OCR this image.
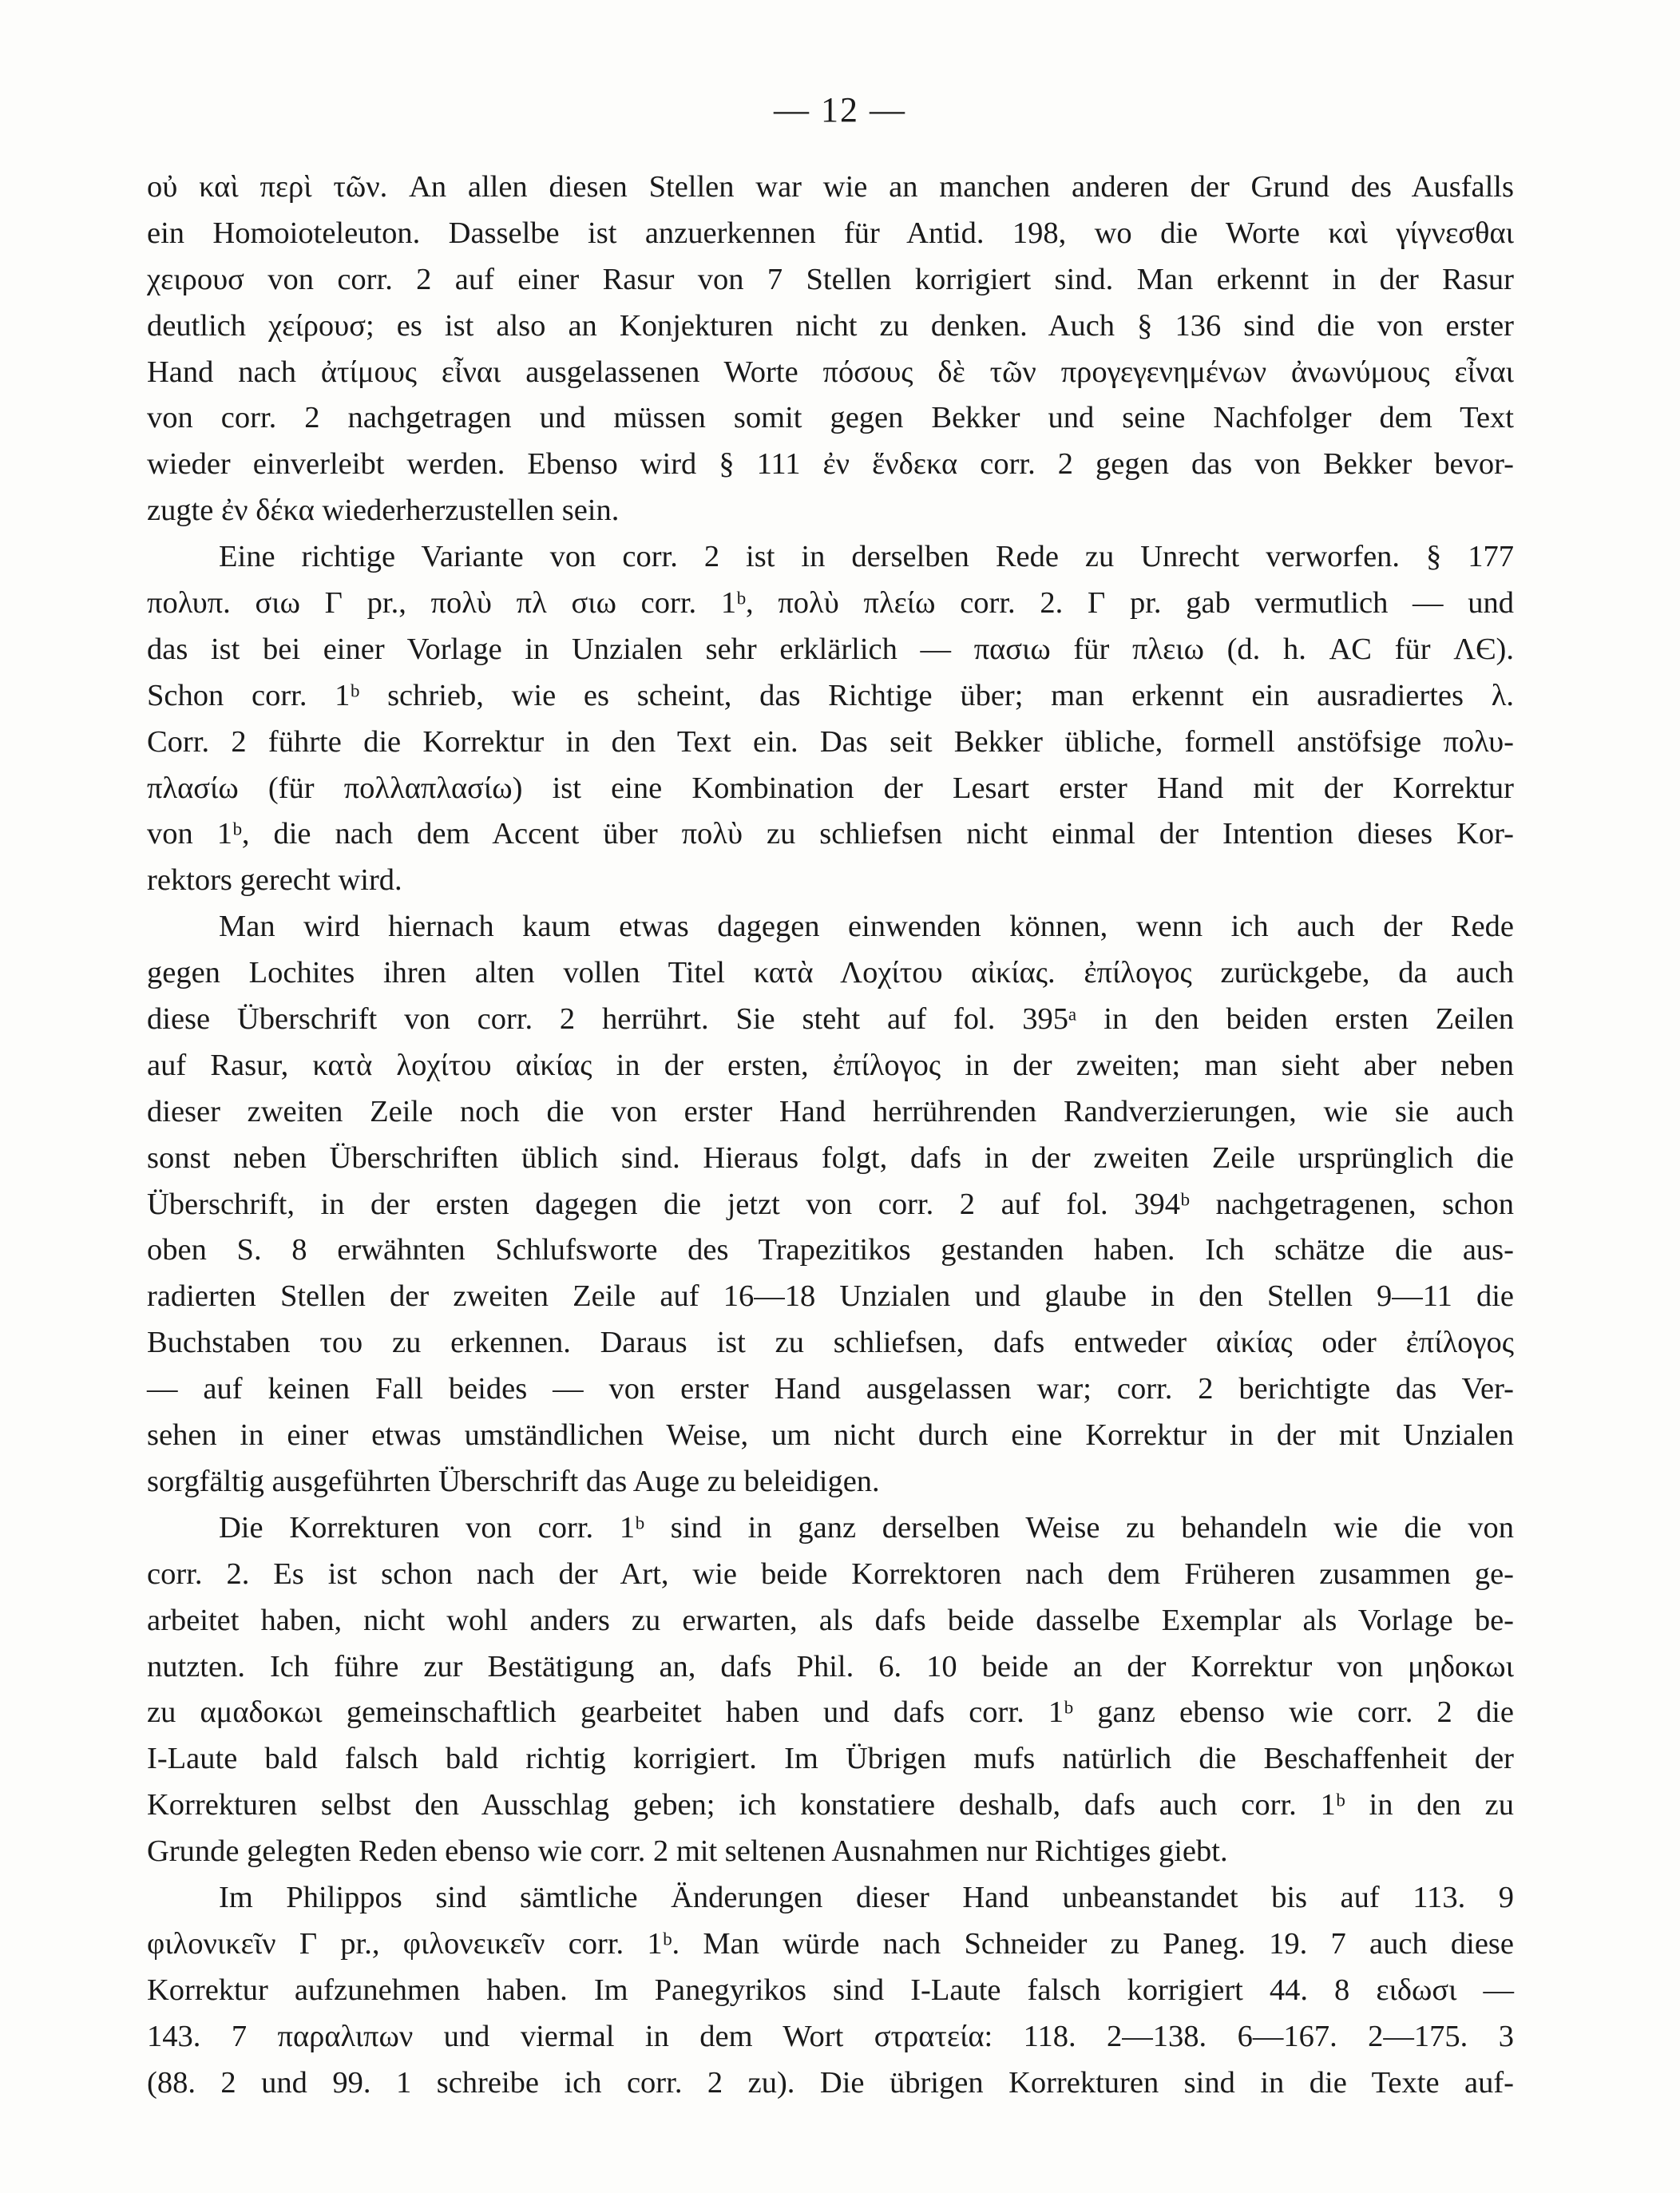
— 12 —
οὐ καὶ περὶ τῶν. An allen diesen Stellen war wie an manchen anderen der Grund des Ausfalls
ein Homoioteleuton. Dasselbe ist anzuerkennen für Antid. 198, wo die Worte καὶ γίγνεσθαι
χειρουσ von corr. 2 auf einer Rasur von 7 Stellen korrigiert sind. Man erkennt in der Rasur
deutlich χείρουσ; es ist also an Konjekturen nicht zu denken. Auch § 136 sind die von erster
Hand nach ἀτίμους εἶναι ausgelassenen Worte πόσους δὲ τῶν προγεγενημένων ἀνωνύμους εἶναι
von corr. 2 nachgetragen und müssen somit gegen Bekker und seine Nachfolger dem Text
wieder einverleibt werden. Ebenso wird § 111 ἐν ἕνδεκα corr. 2 gegen das von Bekker bevor-
zugte ἐν δέκα wiederherzustellen sein.
Eine richtige Variante von corr. 2 ist in derselben Rede zu Unrecht verworfen. § 177
πολυπ. σιω Γ pr., πολὺ πλ σιω corr. 1ᵇ, πολὺ πλείω corr. 2. Γ pr. gab vermutlich — und
das ist bei einer Vorlage in Unzialen sehr erklärlich — πασιω für πλειω (d. h. ΑC für ΛЄ).
Schon corr. 1ᵇ schrieb, wie es scheint, das Richtige über; man erkennt ein ausradiertes λ.
Corr. 2 führte die Korrektur in den Text ein. Das seit Bekker übliche, formell anstöfsige πολυ-
πλασίω (für πολλαπλασίω) ist eine Kombination der Lesart erster Hand mit der Korrektur
von 1ᵇ, die nach dem Accent über πολὺ zu schliefsen nicht einmal der Intention dieses Kor-
rektors gerecht wird.
Man wird hiernach kaum etwas dagegen einwenden können, wenn ich auch der Rede
gegen Lochites ihren alten vollen Titel κατὰ Λοχίτου αἰκίας. ἐπίλογος zurückgebe, da auch
diese Überschrift von corr. 2 herrührt. Sie steht auf fol. 395ᵃ in den beiden ersten Zeilen
auf Rasur, κατὰ λοχίτου αἰκίας in der ersten, ἐπίλογος in der zweiten; man sieht aber neben
dieser zweiten Zeile noch die von erster Hand herrührenden Randverzierungen, wie sie auch
sonst neben Überschriften üblich sind. Hieraus folgt, dafs in der zweiten Zeile ursprünglich die
Überschrift, in der ersten dagegen die jetzt von corr. 2 auf fol. 394ᵇ nachgetragenen, schon
oben S. 8 erwähnten Schlufsworte des Trapezitikos gestanden haben. Ich schätze die aus-
radierten Stellen der zweiten Zeile auf 16—18 Unzialen und glaube in den Stellen 9—11 die
Buchstaben του zu erkennen. Daraus ist zu schliefsen, dafs entweder αἰκίας oder ἐπίλογος
— auf keinen Fall beides — von erster Hand ausgelassen war; corr. 2 berichtigte das Ver-
sehen in einer etwas umständlichen Weise, um nicht durch eine Korrektur in der mit Unzialen
sorgfältig ausgeführten Überschrift das Auge zu beleidigen.
Die Korrekturen von corr. 1ᵇ sind in ganz derselben Weise zu behandeln wie die von
corr. 2. Es ist schon nach der Art, wie beide Korrektoren nach dem Früheren zusammen ge-
arbeitet haben, nicht wohl anders zu erwarten, als dafs beide dasselbe Exemplar als Vorlage be-
nutzten. Ich führe zur Bestätigung an, dafs Phil. 6. 10 beide an der Korrektur von μηδοκωι
zu αμαδοκωι gemeinschaftlich gearbeitet haben und dafs corr. 1ᵇ ganz ebenso wie corr. 2 die
I-Laute bald falsch bald richtig korrigiert. Im Übrigen mufs natürlich die Beschaffenheit der
Korrekturen selbst den Ausschlag geben; ich konstatiere deshalb, dafs auch corr. 1ᵇ in den zu
Grunde gelegten Reden ebenso wie corr. 2 mit seltenen Ausnahmen nur Richtiges giebt.
Im Philippos sind sämtliche Änderungen dieser Hand unbeanstandet bis auf 113. 9
φιλονικεῖν Γ pr., φιλονεικεῖν corr. 1ᵇ. Man würde nach Schneider zu Paneg. 19. 7 auch diese
Korrektur aufzunehmen haben. Im Panegyrikos sind I-Laute falsch korrigiert 44. 8 ειδωσι —
143. 7 παραλιπων und viermal in dem Wort στρατεία: 118. 2—138. 6—167. 2—175. 3
(88. 2 und 99. 1 schreibe ich corr. 2 zu). Die übrigen Korrekturen sind in die Texte auf-
